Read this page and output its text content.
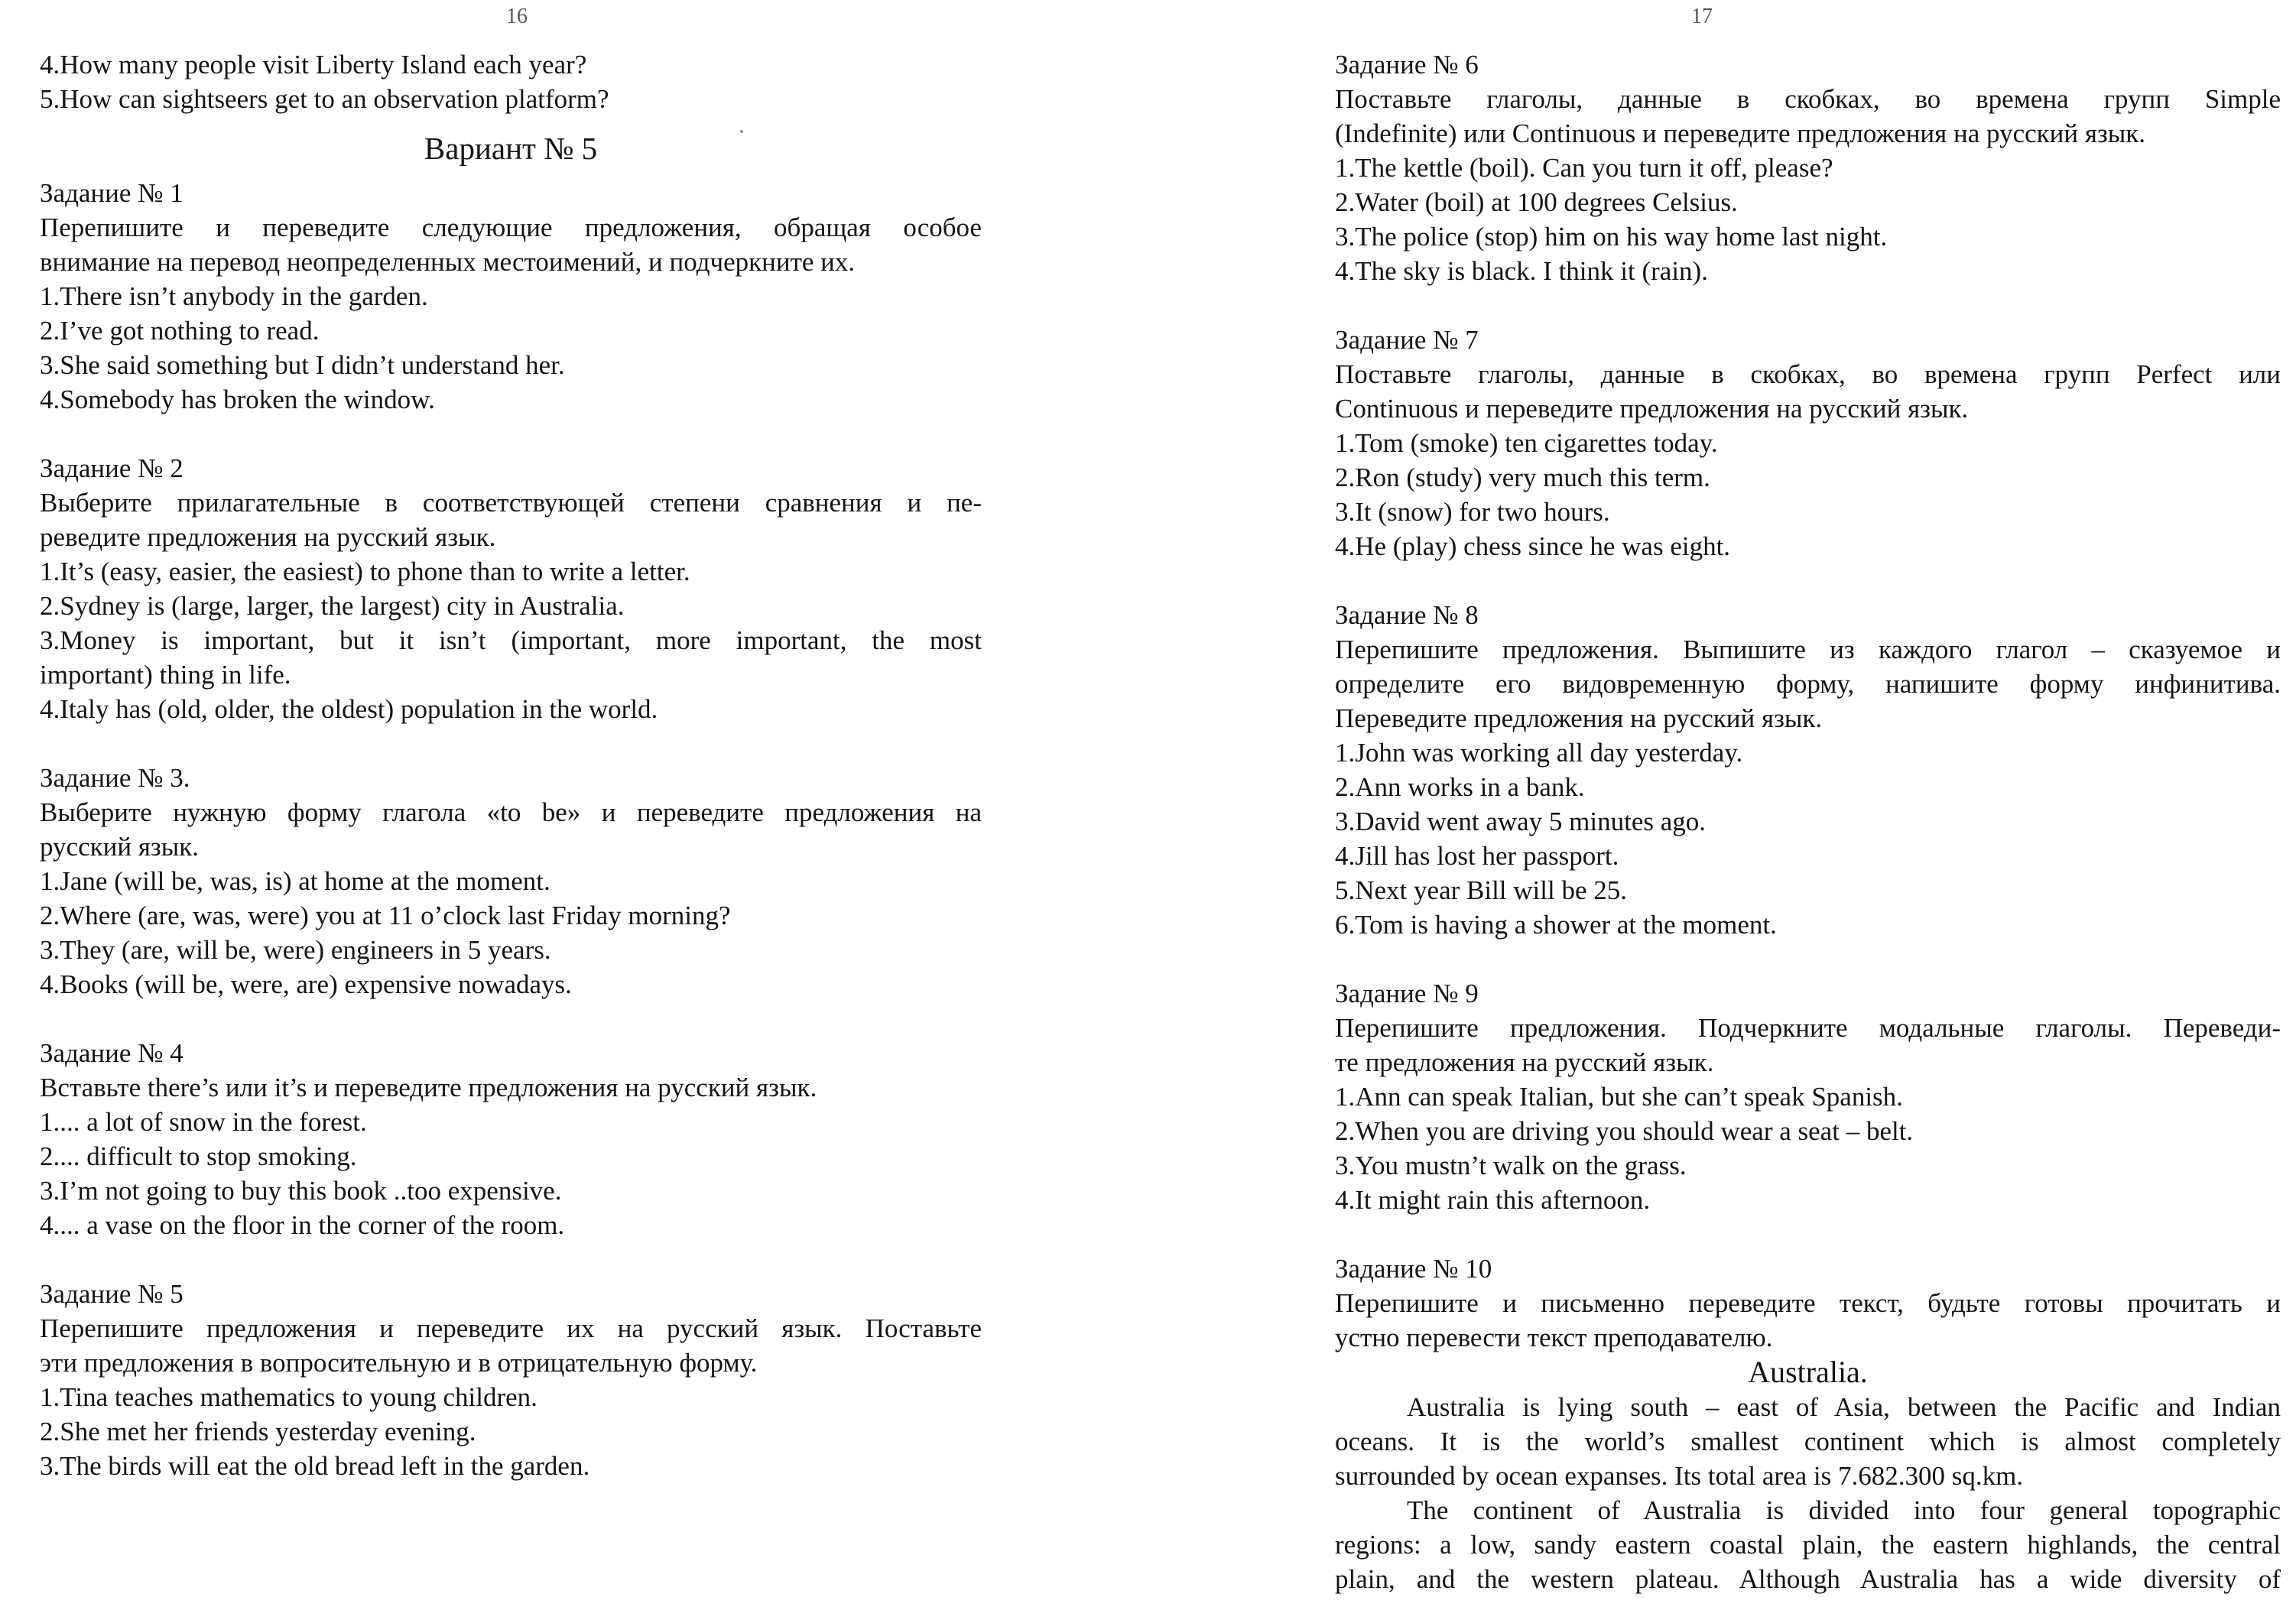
16

4.How many people visit Liberty Island each year?

5.How can sightseers get to an observation platform?

Вариант № 5

Задание № 1

Перепишите и переведите следующие предложения, обращая особое

внимание на перевод неопределенных местоимений, и подчеркните их.

1.There isn’t anybody in the garden.

2.I’ve got nothing to read.

3.She said something but I didn’t understand her.

4.Somebody has broken the window.

Задание № 2

Выберите прилагательные в соответствующей степени сравнения и пе-

реведите предложения на русский язык.

1.It’s (easy, easier, the easiest) to phone than to write a letter.

2.Sydney is (large, larger, the largest) city in Australia.

3.Money is important, but it isn’t (important, more important, the most

important) thing in life.

4.Italy has (old, older, the oldest) population in the world.

Задание № 3.

Выберите нужную форму глагола «to be» и переведите предложения на

русский язык.

1.Jane (will be, was, is) at home at the moment.

2.Where (are, was, were) you at 11 o’clock last Friday morning?

3.They (are, will be, were) engineers in 5 years.

4.Books (will be, were, are) expensive nowadays.

Задание № 4

Вставьте there’s или it’s и переведите предложения на русский язык.

1.... a lot of snow in the forest.

2.... difficult to stop smoking.

3.I’m not going to buy this book ..too expensive.

4.... a vase on the floor in the corner of the room.

Задание № 5

Перепишите предложения и переведите их на русский язык. Поставьте

эти предложения в вопросительную и в отрицательную форму.

1.Tina teaches mathematics to young children.

2.She met her friends yesterday evening.

3.The birds will eat the old bread left in the garden.

17

Задание № 6

Поставьте глаголы, данные в скобках, во времена групп Simple

(Indefinite) или Continuous и переведите предложения на русский язык.

1.The kettle (boil). Can you turn it off, please?

2.Water (boil) at 100 degrees Celsius.

3.The police (stop) him on his way home last night.

4.The sky is black. I think it (rain).

Задание № 7

Поставьте глаголы, данные в скобках, во времена групп Perfect или

Continuous и переведите предложения на русский язык.

1.Tom (smoke) ten cigarettes today.

2.Ron (study) very much this term.

3.It (snow) for two hours.

4.He (play) chess since he was eight.

Задание № 8

Перепишите предложения. Выпишите из каждого глагол – сказуемое и

определите его видовременную форму, напишите форму инфинитива.

Переведите предложения на русский язык.

1.John was working all day yesterday.

2.Ann works in a bank.

3.David went away 5 minutes ago.

4.Jill has lost her passport.

5.Next year Bill will be 25.

6.Tom is having a shower at the moment.

Задание № 9

Перепишите предложения. Подчеркните модальные глаголы. Переведи-

те предложения на русский язык.

1.Ann can speak Italian, but she can’t speak Spanish.

2.When you are driving you should wear a seat – belt.

3.You mustn’t walk on the grass.

4.It might rain this afternoon.

Задание № 10

Перепишите и письменно переведите текст, будьте готовы прочитать и

устно перевести текст преподавателю.

Australia.

Australia is lying south – east of Asia, between the Pacific and Indian

oceans. It is the world’s smallest continent which is almost completely

surrounded by ocean expanses. Its total area is 7.682.300 sq.km.

The continent of Australia is divided into four general topographic

regions: a low, sandy eastern coastal plain, the eastern highlands, the central

plain, and the western plateau. Although Australia has a wide diversity of
